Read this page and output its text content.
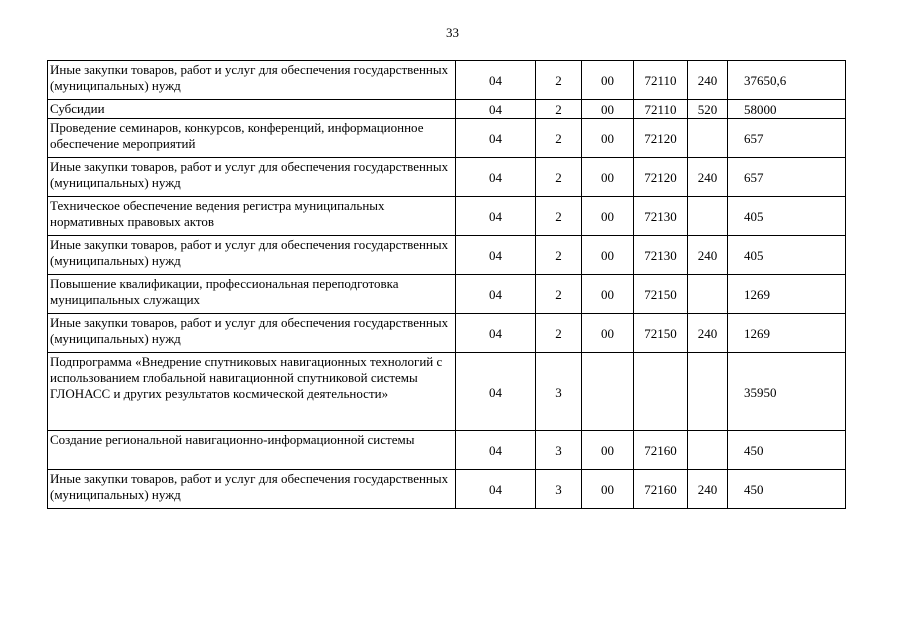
33
Иные закупки товаров, работ и услуг для обеспечения государственных (муниципальных) нужд	04	2	00	72110	240	37650,6
Субсидии	04	2	00	72110	520	58000
Проведение семинаров, конкурсов, конференций, информационное обеспечение мероприятий	04	2	00	72120		657
Иные закупки товаров, работ и услуг для обеспечения государственных (муниципальных) нужд	04	2	00	72120	240	657
Техническое обеспечение ведения регистра муниципальных нормативных правовых актов	04	2	00	72130		405
Иные закупки товаров, работ и услуг для обеспечения государственных (муниципальных) нужд	04	2	00	72130	240	405
Повышение квалификации, профессиональная переподготовка муниципальных служащих	04	2	00	72150		1269
Иные закупки товаров, работ и услуг для обеспечения государственных (муниципальных) нужд	04	2	00	72150	240	1269
Подпрограмма «Внедрение спутниковых навигационных технологий с использованием глобальной навигационной спутниковой системы ГЛОНАСС и других результатов космической деятельности»	04	3				35950
Создание региональной навигационно-информационной системы	04	3	00	72160		450
Иные закупки товаров, работ и услуг для обеспечения государственных (муниципальных) нужд	04	3	00	72160	240	450
